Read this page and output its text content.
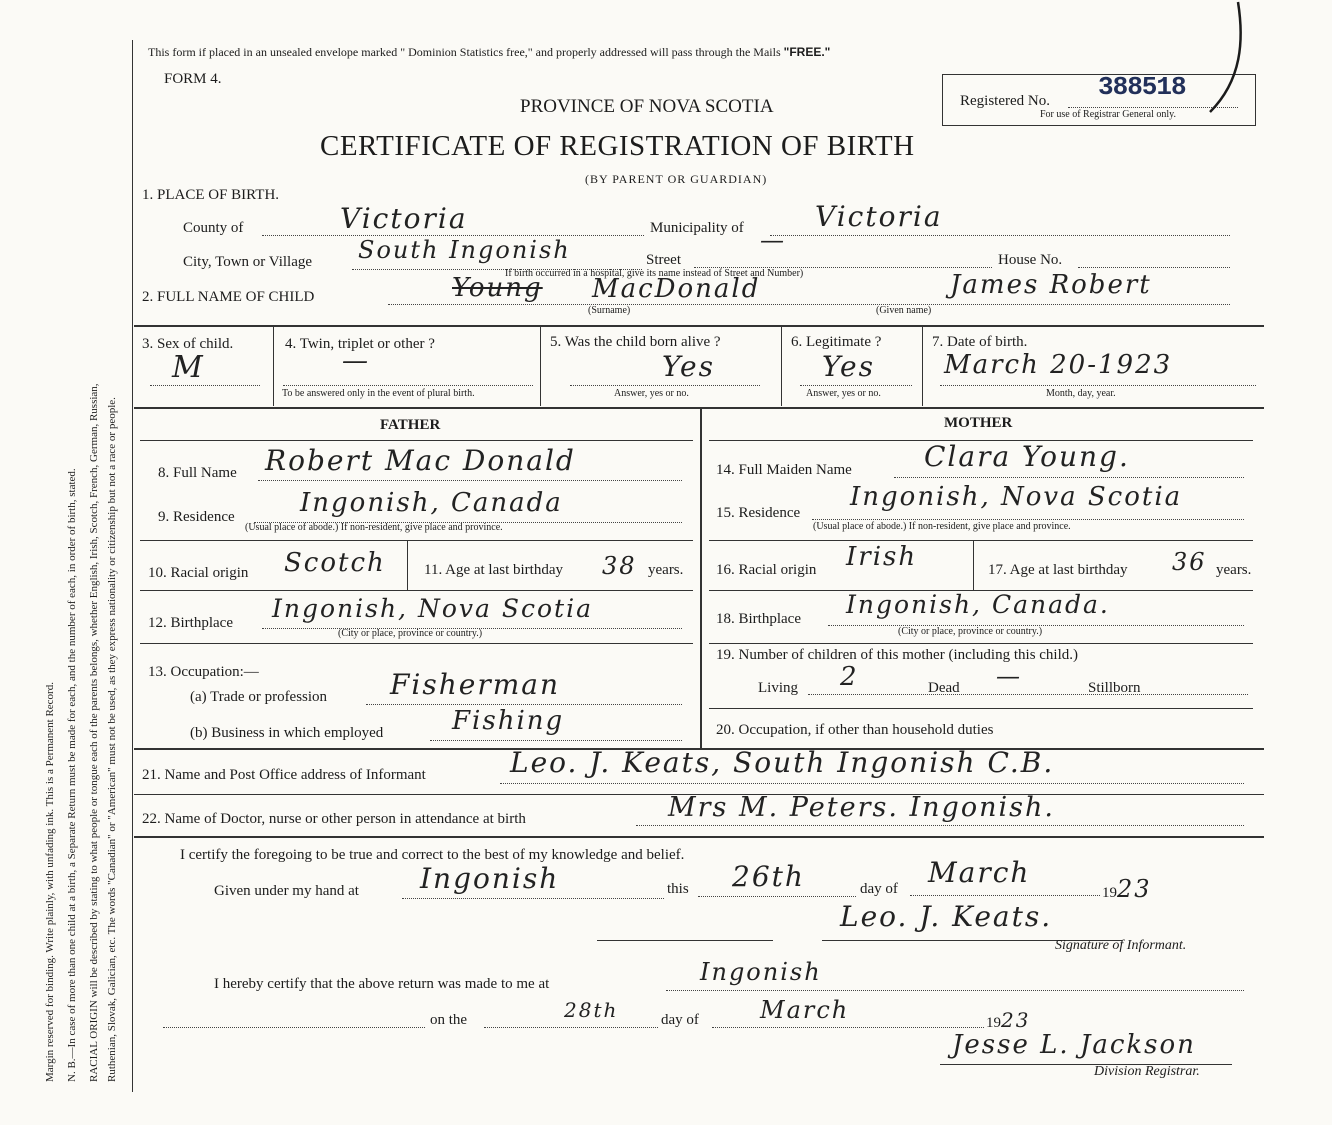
Margin reserved for binding. Write plainly, with unfading ink. This is a Permanent Record. N. B.—In case of more than one child at a birth, a Separate Return must be made for each, and the number of each, in order of birth, stated. RACIAL ORIGIN will be described by stating to what people or tongue each of the parents belongs, whether English, Irish, Scotch, French, German, Russian, Ruthenian, Slovak, Galician, etc. The words "Canadian" or "American" must not be used, as they express nationality or citizenship but not a race or people.
This form if placed in an unsealed envelope marked " Dominion Statistics free," and properly addressed will pass through the Mails "FREE."
FORM 4.
PROVINCE OF NOVA SCOTIA
CERTIFICATE OF REGISTRATION OF BIRTH
(BY PARENT OR GUARDIAN)
Registered No. 388518
For use of Registrar General only.
1. PLACE OF BIRTH.
County of	Victoria	Municipality of	Victoria
City, Town or Village South Ingonish	Street
—
House No.
If birth occurred in a hospital, give its name instead of Street and Number)
2. FULL NAME OF CHILD	Young MacDonald
(Surname)
James Robert
(Given name)
3. Sex of child.
M
4. Twin, triplet or other ?
—
To be answered only in the event of plural birth.
5. Was the child born alive ?
Yes
Answer, yes or no.
6. Legitimate ?
Yes
Answer, yes or no.
7. Date of birth.
March 20-1923
Month, day, year.
FATHER	MOTHER
8. Full Name Robert Mac Donald
9. Residence	Ingonish, Canada
(Usual place of abode.) If non-resident, give place and province.
10. Racial origin Scotch	11. Age at last birthday 38 years.
12. Birthplace Ingonish, Nova Scotia
(City or place, province or country.)
13. Occupation:—
(a) Trade or profession Fisherman
(b) Business in which employed	Fishing
14. Full Maiden Name	Clara Young.
15. Residence
Ingonish, Nova Scotia
(Usual place of abode.) If non-resident, give place and province.
16. Racial origin Irish	17. Age at last birthday 36 years.
18. Birthplace Ingonish, Canada.
(City or place, province or country.)
19. Number of children of this mother (including this child.)
Living 2	Dead —	Stillborn
20. Occupation, if other than household duties
21. Name and Post Office address of Informant	Leo. J. Keats, South Ingonish C.B.
22. Name of Doctor, nurse or other person in attendance at birth	Mrs M. Peters. Ingonish.
I certify the foregoing to be true and correct to the best of my knowledge and belief.
Given under my hand at Ingonish	this 26th	day of March
1923
Leo. J. Keats.
Signature of Informant.
I hereby certify that the above return was made to me at	Ingonish
on the	28th	day of	March	1923
Jesse L. Jackson
Division Registrar.
